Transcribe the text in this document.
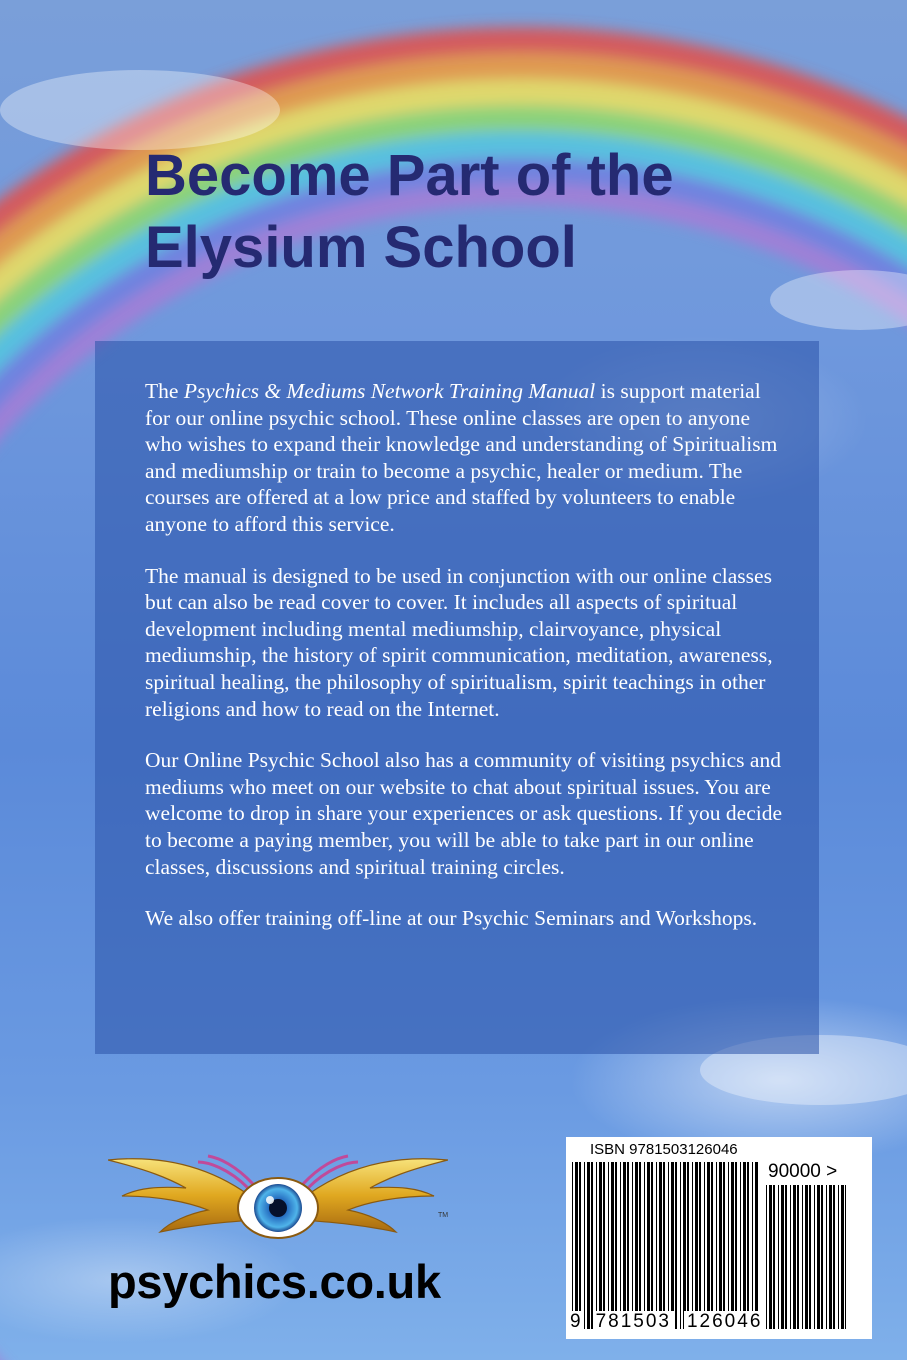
Become Part of the
Elysium School

The Psychics & Mediums Network Training Manual is support material for our online psychic school. These online classes are open to anyone who wishes to expand their knowledge and understanding of Spiritualism and mediumship or train to become a psychic, healer or medium. The courses are offered at a low price and staffed by volunteers to enable anyone to afford this service.

The manual is designed to be used in conjunction with our online classes but can also be read cover to cover. It includes all aspects of spiritual development including mental mediumship, clairvoyance, physical mediumship, the history of spirit communication, meditation, awareness, spiritual healing, the philosophy of spiritualism, spirit teachings in other religions and how to read on the Internet.

Our Online Psychic School also has a community of visiting psychics and mediums who meet on our website to chat about spiritual issues. You are welcome to drop in share your experiences or ask questions. If you decide to become a paying member, you will be able to take part in our online classes, discussions and spiritual training circles.

We also offer training off-line at our Psychic Seminars and Workshops.

TM

psychics.co.uk

ISBN 9781503126046
90000 >
9 781503 126046
